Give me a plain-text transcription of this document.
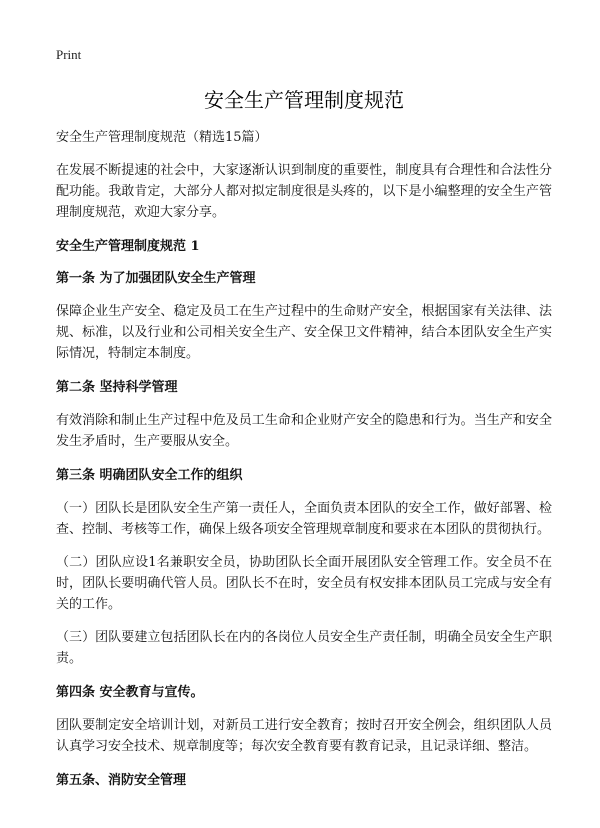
Print
安全生产管理制度规范
安全生产管理制度规范（精选15篇）

在发展不断提速的社会中，大家逐渐认识到制度的重要性，制度具有合理性和合法性分配功能。我敢肯定，大部分人都对拟定制度很是头疼的，以下是小编整理的安全生产管理制度规范，欢迎大家分享。

安全生产管理制度规范 1
第一条 为了加强团队安全生产管理

保障企业生产安全、稳定及员工在生产过程中的生命财产安全，根据国家有关法律、法规、标准，以及行业和公司相关安全生产、安全保卫文件精神，结合本团队安全生产实际情况，特制定本制度。

第二条 坚持科学管理

有效消除和制止生产过程中危及员工生命和企业财产安全的隐患和行为。当生产和安全发生矛盾时，生产要服从安全。

第三条 明确团队安全工作的组织

（一）团队长是团队安全生产第一责任人，全面负责本团队的安全工作，做好部署、检查、控制、考核等工作，确保上级各项安全管理规章制度和要求在本团队的贯彻执行。

（二）团队应设1名兼职安全员，协助团队长全面开展团队安全管理工作。安全员不在时，团队长要明确代管人员。团队长不在时，安全员有权安排本团队员工完成与安全有关的工作。

（三）团队要建立包括团队长在内的各岗位人员安全生产责任制，明确全员安全生产职责。

第四条 安全教育与宣传。

团队要制定安全培训计划，对新员工进行安全教育；按时召开安全例会，组织团队人员认真学习安全技术、规章制度等；每次安全教育要有教育记录，且记录详细、整洁。

第五条、消防安全管理
